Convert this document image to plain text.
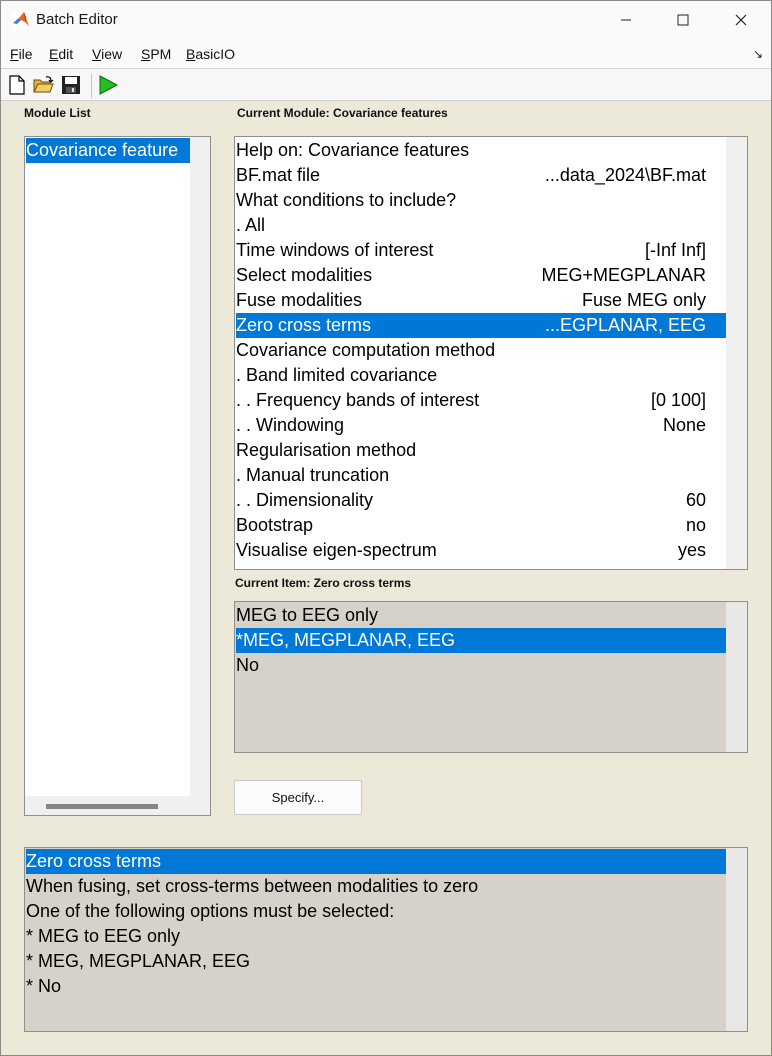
Batch Editor
File Edit View SPM BasicIO	↘
Module List
Covariance feature
Current Module: Covariance features
Help on: Covariance features
BF.mat file	...data_2024\BF.mat
What conditions to include?
. All
Time windows of interest	[-Inf Inf]
Select modalities	MEG+MEGPLANAR
Fuse modalities	Fuse MEG only
Zero cross terms	...EGPLANAR, EEG
Covariance computation method
. Band limited covariance
. . Frequency bands of interest	[0 100]
. . Windowing	None
Regularisation method
. Manual truncation
. . Dimensionality	60
Bootstrap	no
Visualise eigen-spectrum	yes
Current Item: Zero cross terms
MEG to EEG only
*MEG, MEGPLANAR, EEG
No
Specify...
Zero cross terms
When fusing, set cross-terms between modalities to zero
One of the following options must be selected:
* MEG to EEG only
* MEG, MEGPLANAR, EEG
* No
